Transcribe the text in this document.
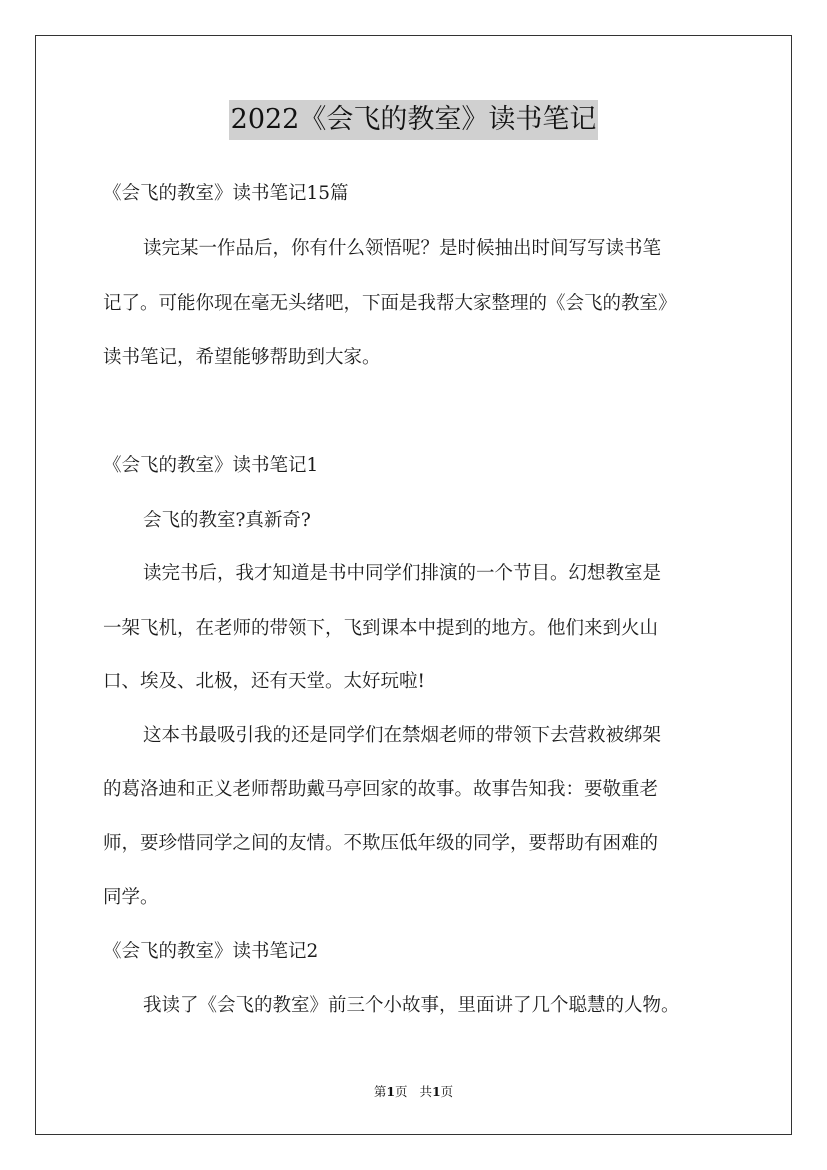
2022《会飞的教室》读书笔记
《会飞的教室》读书笔记15篇
读完某一作品后，你有什么领悟呢？是时候抽出时间写写读书笔
记了。可能你现在毫无头绪吧，下面是我帮大家整理的《会飞的教室》
读书笔记，希望能够帮助到大家。
《会飞的教室》读书笔记1
会飞的教室?真新奇?
读完书后，我才知道是书中同学们排演的一个节目。幻想教室是
一架飞机，在老师的带领下，飞到课本中提到的地方。他们来到火山
口、埃及、北极，还有天堂。太好玩啦!
这本书最吸引我的还是同学们在禁烟老师的带领下去营救被绑架
的葛洛迪和正义老师帮助戴马亭回家的故事。故事告知我：要敬重老
师，要珍惜同学之间的友情。不欺压低年级的同学，要帮助有困难的
同学。
《会飞的教室》读书笔记2
我读了《会飞的教室》前三个小故事，里面讲了几个聪慧的人物。
第1页   共1页
